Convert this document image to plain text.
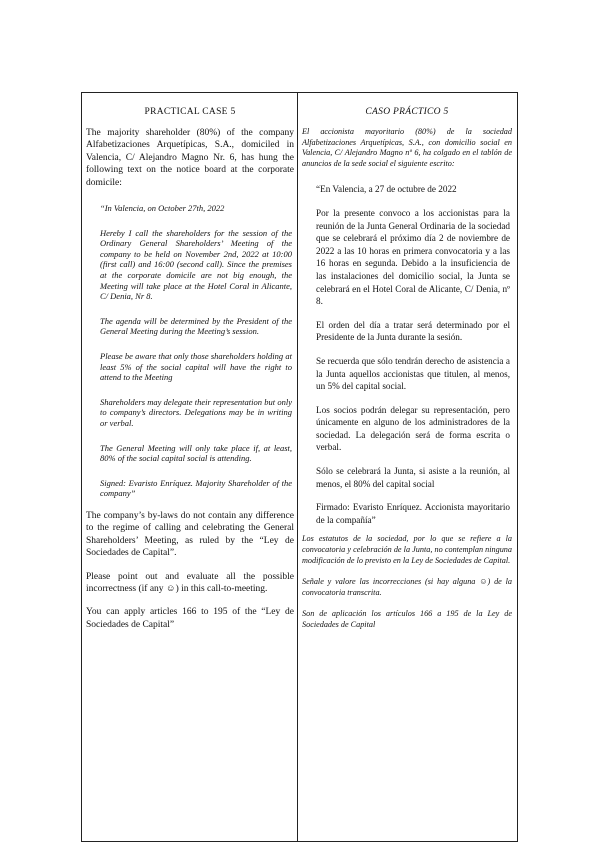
PRACTICAL CASE 5

The majority shareholder (80%) of the company Alfabetizaciones Arquetípicas, S.A., domiciled in Valencia, C/ Alejandro Magno Nr. 6, has hung the following text on the notice board at the corporate domicile:

“In Valencia, on October 27th, 2022

Hereby I call the shareholders for the session of the Ordinary General Shareholders’ Meeting of the company to be held on November 2nd, 2022 at 10:00 (first call) and 16:00 (second call). Since the premises at the corporate domicile are not big enough, the Meeting will take place at the Hotel Coral in Alicante, C/ Denia, Nr 8.

The agenda will be determined by the President of the General Meeting during the Meeting’s session.

Please be aware that only those shareholders holding at least 5% of the social capital will have the right to attend to the Meeting

Shareholders may delegate their representation but only to company’s directors. Delegations may be in writing or verbal.

The General Meeting will only take place if, at least, 80% of the social capital social is attending.

Signed: Evaristo Enríquez. Majority Shareholder of the company”

The company’s by-laws do not contain any difference to the regime of calling and celebrating the General Shareholders’ Meeting, as ruled by the “Ley de Sociedades de Capital”.

Please point out and evaluate all the possible incorrectness (if any ☺) in this call-to-meeting.

You can apply articles 166 to 195 of the “Ley de Sociedades de Capital”

CASO PRÁCTICO 5

El accionista mayoritario (80%) de la sociedad Alfabetizaciones Arquetípicas, S.A., con domicilio social en Valencia, C/ Alejandro Magno nº 6, ha colgado en el tablón de anuncios de la sede social el siguiente escrito:

“En Valencia, a 27 de octubre de 2022

Por la presente convoco a los accionistas para la reunión de la Junta General Ordinaria de la sociedad que se celebrará el próximo día 2 de noviembre de 2022 a las 10 horas en primera convocatoria y a las 16 horas en segunda. Debido a la insuficiencia de las instalaciones del domicilio social, la Junta se celebrará en el Hotel Coral de Alicante, C/ Denia, nº 8.

El orden del día a tratar será determinado por el Presidente de la Junta durante la sesión.

Se recuerda que sólo tendrán derecho de asistencia a la Junta aquellos accionistas que titulen, al menos, un 5% del capital social.

Los socios podrán delegar su representación, pero únicamente en alguno de los administradores de la sociedad. La delegación será de forma escrita o verbal.

Sólo se celebrará la Junta, si asiste a la reunión, al menos, el 80% del capital social

Firmado: Evaristo Enríquez. Accionista mayoritario de la compañía”

Los estatutos de la sociedad, por lo que se refiere a la convocatoria y celebración de la Junta, no contemplan ninguna modificación de lo previsto en la Ley de Sociedades de Capital.

Señale y valore las incorrecciones (si hay alguna ☺) de la convocatoria transcrita.

Son de aplicación los artículos 166 a 195 de la Ley de Sociedades de Capital
